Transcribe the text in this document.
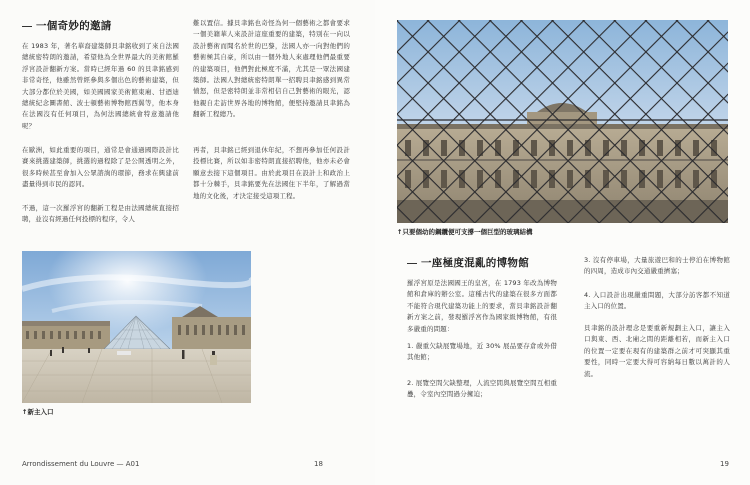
一個奇妙的邀請

在 1983 年，著名華裔建築師貝聿銘收到了來自法國總統密特朗的邀請，希望他為全世界最大的美術館羅浮宮設計翻新方案。當時已經年過 60 的貝聿銘感到非常奇怪，他雖然曾經參與多個出色的藝術建築，但大部分都位於美國，如美國國家美術館東廂、甘迺迪總統紀念圖書館、波士頓藝術博物館西翼等，他本身在法國沒有任何項目，為何法國總統會特意邀請他呢？

在歐洲，如此重要的項目，通常是會通過國際設計比賽來挑選建築師，挑選的過程除了是公開透明之外，很多時候甚至會加入公眾諮詢的環節，務求在興建前盡量得到市民的認同。

不過，這一次羅浮宮的翻新工程是由法國總統直接招聘，並沒有經過任何投標的程序，令人

難以置信。據貝聿銘也奇怪為何一個藝術之都會要求一個美籍華人來設計這座重要的建築，特別在一向以設計藝術而聞名於世的巴黎，法國人亦一向對他們的藝術極其自豪，所以由一個外地人來處理他們最重要的建築項目，他們對此極度不滿，尤其是一眾法國建築師。法國人對總統密特朗單一招聘貝聿銘感到異常憤怒，但是密特朗並非常相信自己對藝術的眼光，認他親自走訪世界各地的博物館，便堅持邀請貝聿銘為翻新工程總乃。

再者，貝聿銘已經到退休年紀，不想再參加任何設計投標比賽，所以如非密特朗直接招聘他，他亦未必會願意去接下這個項目。由於此項目在設計上和政治上都十分棘手，貝聿銘要先在法國住下半年，了解過當地的文化後，才決定接受這項工程。

↑新主入口
Arrondissement du Louvre — A01	18
↑只要個幼的鋼纜便可支撐一個巨型的玻璃結構
一座極度混亂的博物館

羅浮宮原是法國國王的皇宮，在 1793 年改為博物館和倉庫的辦公室。這種古代的建築在很多方面都不能符合現代建築功能上的要求，當貝聿銘設計翻新方案之前，發現羅浮宮作為國家級博物館，有很多嚴重的問題：

1. 嚴重欠缺展覽場地，近 30% 展品要存倉或外借其他館；

2. 展覽空間欠缺整理，人流空間與展覽空間互相重疊，令室內空間過分擁迫；

3. 沒有停車場，大量旅遊巴和的士停泊在博物館的四周，造成市內交通嚴重擠塞；

4. 入口設計出現嚴重問題，大部分訪客都不知道主入口的位置。

貝聿銘的設計理念是要重新規劃主入口，讓主入口與東、西、北廂之間的距離相若，而新主入口的位置一定要在現有的建築群之前才可突顯其重要性，同時一定要大得可容納每日數以萬計的人流。

19
